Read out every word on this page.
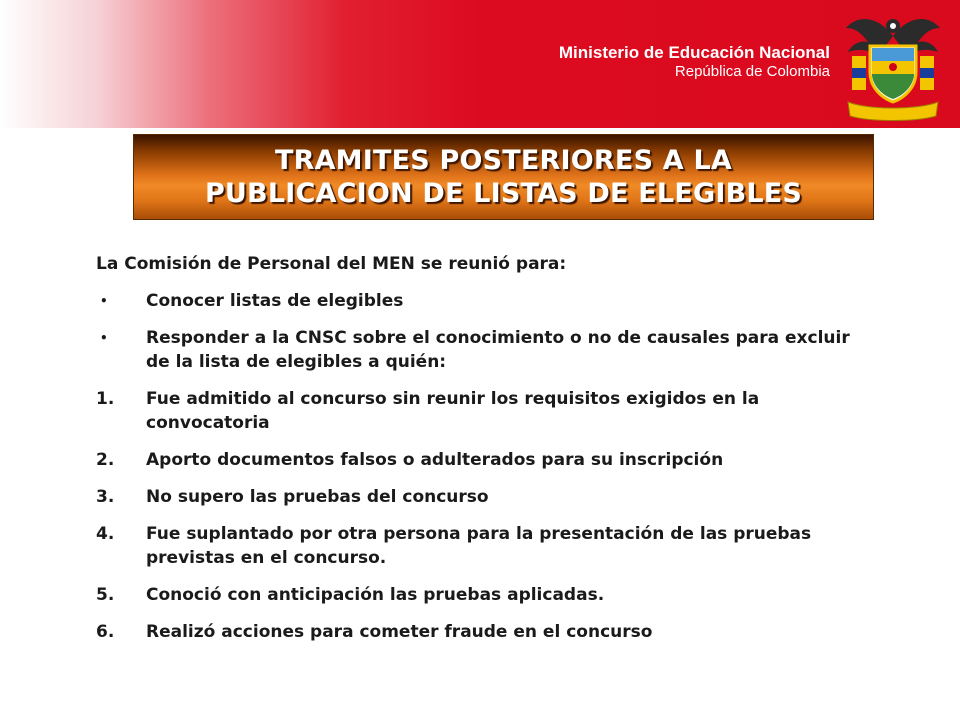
Ministerio de Educación Nacional
República de Colombia
TRAMITES POSTERIORES A LA
PUBLICACION DE LISTAS DE ELEGIBLES

La Comisión de Personal del MEN se reunió para:

•	Conocer listas de elegibles
•	Responder a la CNSC sobre el conocimiento o no de causales para excluir de la lista de elegibles a quién:
1.	Fue admitido al concurso sin reunir los requisitos exigidos en la convocatoria
2.	Aporto documentos falsos o adulterados para su inscripción
3.	No supero las pruebas del concurso
4.	Fue suplantado por otra persona para la presentación de las pruebas previstas en el concurso.
5.	Conoció con anticipación las pruebas aplicadas.
6.	Realizó acciones para cometer fraude en el concurso
